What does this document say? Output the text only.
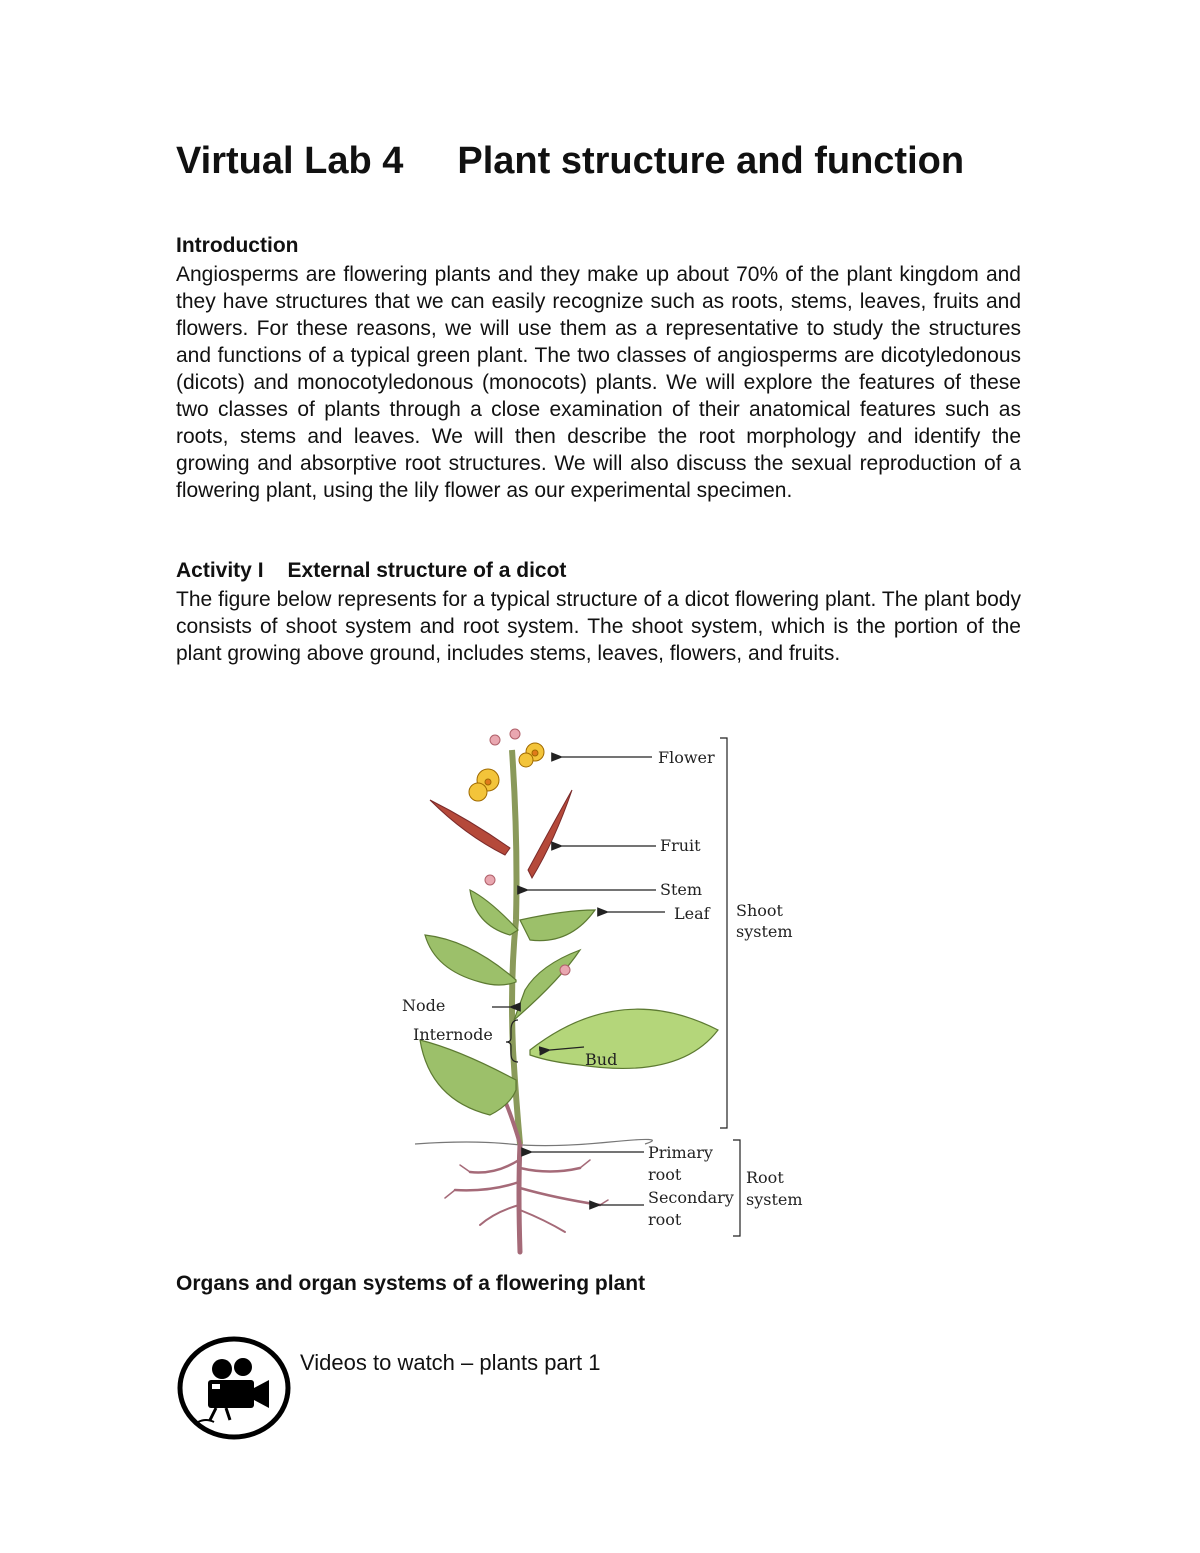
Virtual Lab 4 Plant structure and function
Introduction

Angiosperms are flowering plants and they make up about 70% of the plant kingdom and they have structures that we can easily recognize such as roots, stems, leaves, fruits and flowers. For these reasons, we will use them as a representative to study the structures and functions of a typical green plant. The two classes of angiosperms are dicotyledonous (dicots) and monocotyledonous (monocots) plants. We will explore the features of these two classes of plants through a close examination of their anatomical features such as roots, stems and leaves. We will then describe the root morphology and identify the growing and absorptive root structures. We will also discuss the sexual reproduction of a flowering plant, using the lily flower as our experimental specimen.

Activity I External structure of a dicot

The figure below represents for a typical structure of a dicot flowering plant. The plant body consists of shoot system and root system. The shoot system, which is the portion of the plant growing above ground, includes stems, leaves, flowers, and fruits.

Flower
Fruit
Stem
Leaf Shoot
system
Node
Internode
Bud
Primary
root
Secondary
root
Root
system
Organs and organ systems of a flowering plant
Videos to watch – plants part 1
